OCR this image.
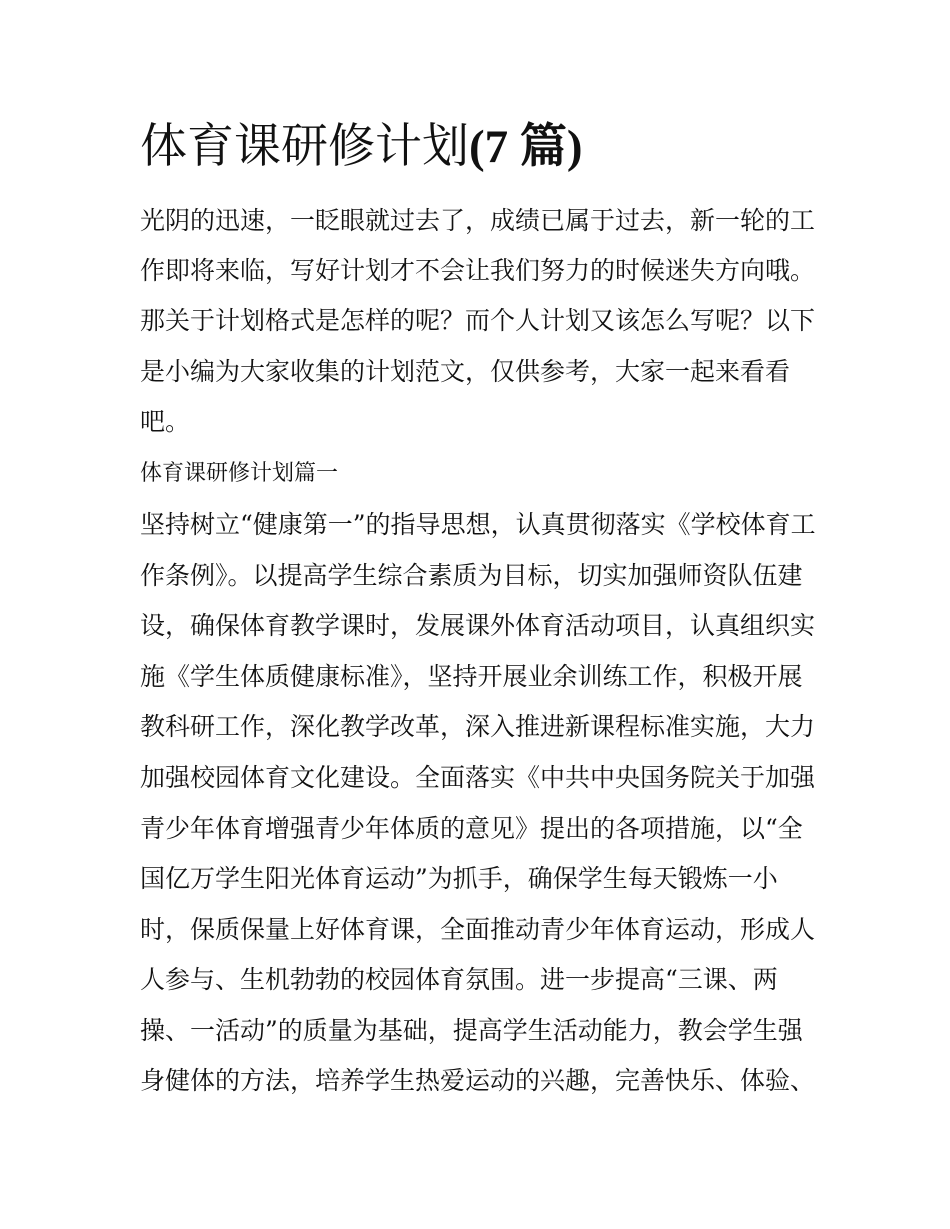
体育课研修计划(7 篇)

光阴的迅速，一眨眼就过去了，成绩已属于过去，新一轮的工

作即将来临，写好计划才不会让我们努力的时候迷失方向哦。

那关于计划格式是怎样的呢？而个人计划又该怎么写呢？以下

是小编为大家收集的计划范文，仅供参考，大家一起来看看

吧。

体育课研修计划篇一

坚持树立“健康第一”的指导思想，认真贯彻落实《学校体育工

作条例》。以提高学生综合素质为目标，切实加强师资队伍建

设，确保体育教学课时，发展课外体育活动项目，认真组织实

施《学生体质健康标准》，坚持开展业余训练工作，积极开展

教科研工作，深化教学改革，深入推进新课程标准实施，大力

加强校园体育文化建设。全面落实《中共中央国务院关于加强

青少年体育增强青少年体质的意见》提出的各项措施，以“全

国亿万学生阳光体育运动”为抓手，确保学生每天锻炼一小

时，保质保量上好体育课，全面推动青少年体育运动，形成人

人参与、生机勃勃的校园体育氛围。进一步提高“三课、两

操、一活动”的质量为基础，提高学生活动能力，教会学生强

身健体的方法，培养学生热爱运动的兴趣，完善快乐、体验、
